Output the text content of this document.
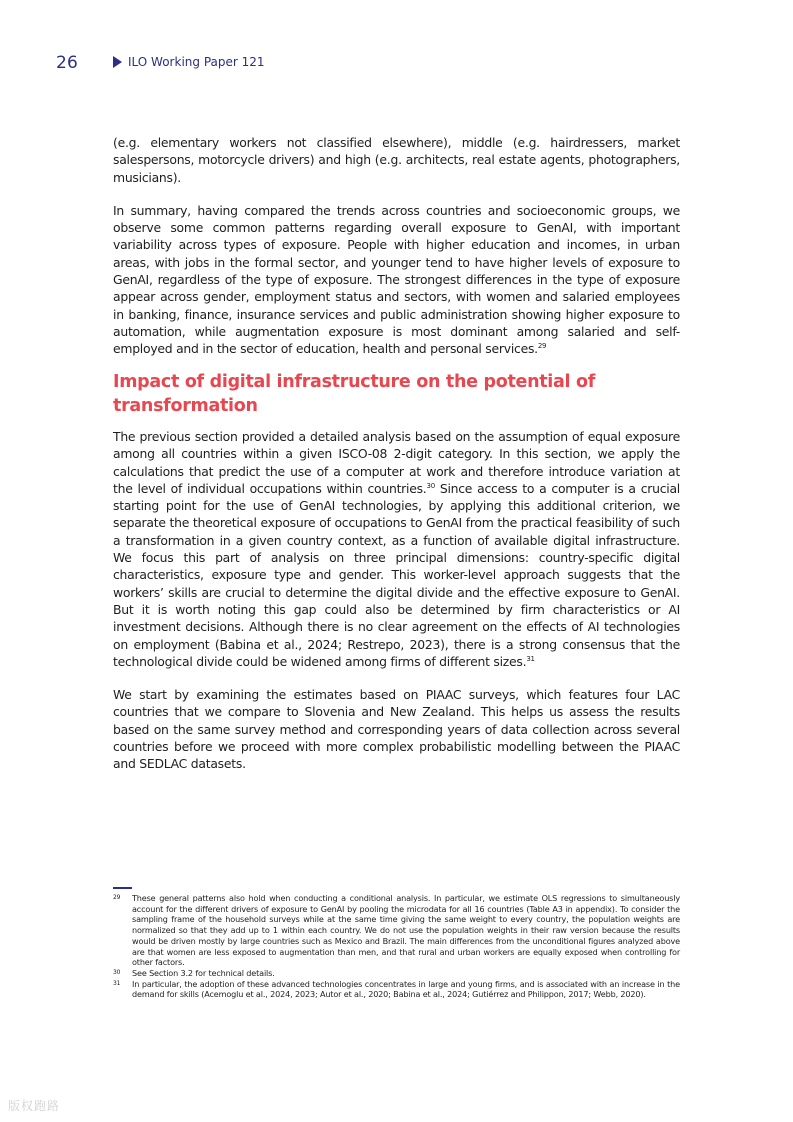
26	ILO Working Paper 121

(e.g. elementary workers not classified elsewhere), middle (e.g. hairdressers, market salespersons, motorcycle drivers) and high (e.g. architects, real estate agents, photographers, musicians).

In summary, having compared the trends across countries and socioeconomic groups, we observe some common patterns regarding overall exposure to GenAI, with important variability across types of exposure. People with higher education and incomes, in urban areas, with jobs in the formal sector, and younger tend to have higher levels of exposure to GenAI, regardless of the type of exposure. The strongest differences in the type of exposure appear across gender, employment status and sectors, with women and salaried employees in banking, finance, insurance services and public administration showing higher exposure to automation, while augmentation exposure is most dominant among salaried and self-employed and in the sector of education, health and personal services.$^{29}$

Impact of digital infrastructure on the potential of transformation

The previous section provided a detailed analysis based on the assumption of equal exposure among all countries within a given ISCO-08 2-digit category. In this section, we apply the calculations that predict the use of a computer at work and therefore introduce variation at the level of individual occupations within countries.$^{30}$ Since access to a computer is a crucial starting point for the use of GenAI technologies, by applying this additional criterion, we separate the theoretical exposure of occupations to GenAI from the practical feasibility of such a transformation in a given country context, as a function of available digital infrastructure. We focus this part of analysis on three principal dimensions: country-specific digital characteristics, exposure type and gender. This worker-level approach suggests that the workers’ skills are crucial to determine the digital divide and the effective exposure to GenAI. But it is worth noting this gap could also be determined by firm characteristics or AI investment decisions. Although there is no clear agreement on the effects of AI technologies on employment (Babina et al., 2024; Restrepo, 2023), there is a strong consensus that the technological divide could be widened among firms of different sizes.$^{31}$

We start by examining the estimates based on PIAAC surveys, which features four LAC countries that we compare to Slovenia and New Zealand. This helps us assess the results based on the same survey method and corresponding years of data collection across several countries before we proceed with more complex probabilistic modelling between the PIAAC and SEDLAC datasets.

29	These general patterns also hold when conducting a conditional analysis. In particular, we estimate OLS regressions to simultaneously account for the different drivers of exposure to GenAI by pooling the microdata for all 16 countries (Table A3 in appendix). To consider the sampling frame of the household surveys while at the same time giving the same weight to every country, the population weights are normalized so that they add up to 1 within each country. We do not use the population weights in their raw version because the results would be driven mostly by large countries such as Mexico and Brazil. The main differences from the unconditional figures analyzed above are that women are less exposed to augmentation than men, and that rural and urban workers are equally exposed when controlling for other factors.
30	See Section 3.2 for technical details.
31	In particular, the adoption of these advanced technologies concentrates in large and young firms, and is associated with an increase in the demand for skills (Acemoglu et al., 2024, 2023; Autor et al., 2020; Babina et al., 2024; Gutiérrez and Philippon, 2017; Webb, 2020).
版权跑路
